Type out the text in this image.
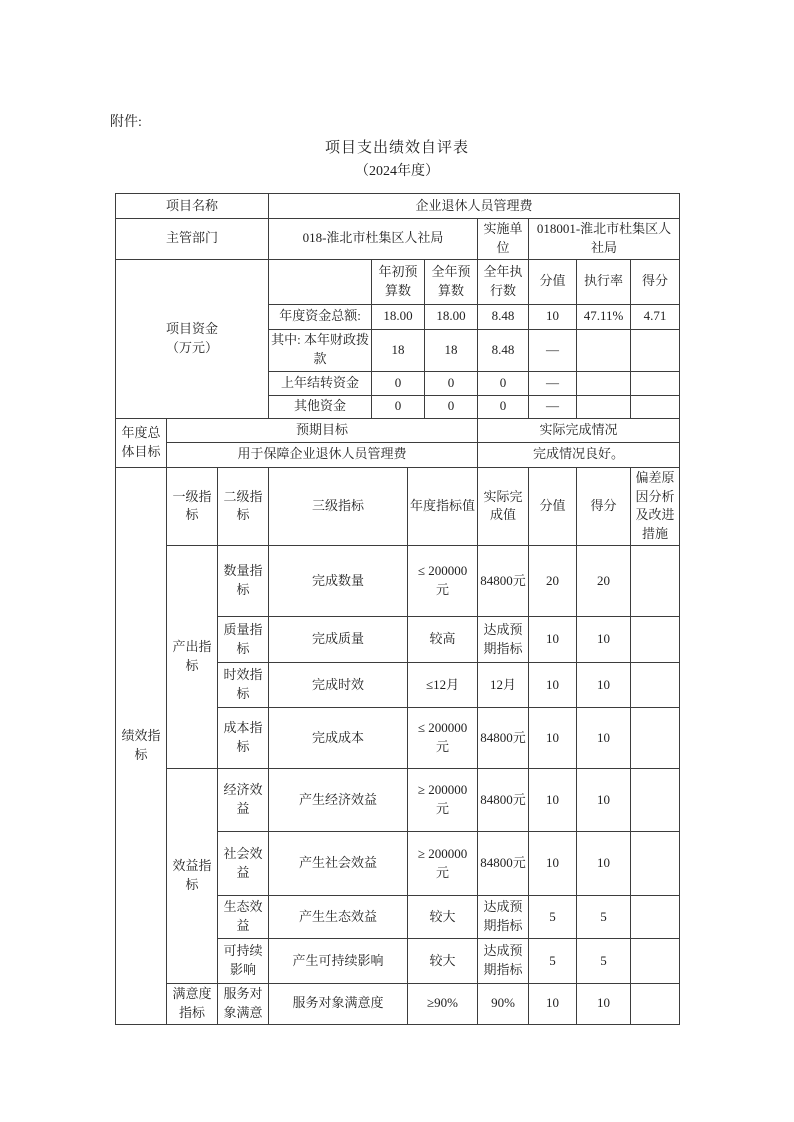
附件:
项目支出绩效自评表
（2024年度）
项目名称			企业退休人员管理费							
主管部门			018-淮北市杜集区人社局				实施单位	018001-淮北市杜集区人社局		

项目资金
（万元）				年初预算数		全年预算数	全年执行数	分值	执行率	得分
			年度资金总额:	18.00		18.00	8.48	10	47.11%	4.71
			其中: 本年财政拨款	18		18	8.48	—		
			上年结转资金	0		0	0	—		
			其他资金	0		0	0	—		
年度总体目标	预期目标						实际完成情况			
	用于保障企业退休人员管理费						完成情况良好。			
绩效指标	一级指标	二级指标	三级指标		年度指标值		实际完成值	分值	得分	偏差原因分析及改进措施
	产出指标	数量指标	完成数量		≤ 200000 元		84800元	20	20	
		质量指标	完成质量		较高		达成预期指标	10	10	
		时效指标	完成时效		≤12月		12月	10	10	
		成本指标	完成成本		≤ 200000 元		84800元	10	10	
	效益指标	经济效益	产生经济效益		≥ 200000 元		84800元	10	10	
		社会效益	产生社会效益		≥ 200000 元		84800元	10	10	
		生态效益	产生生态效益		较大		达成预期指标	5	5	
		可持续影响	产生可持续影响		较大		达成预期指标	5	5	
	满意度指标	服务对象满意	服务对象满意度		≥90%		90%	10	10	
